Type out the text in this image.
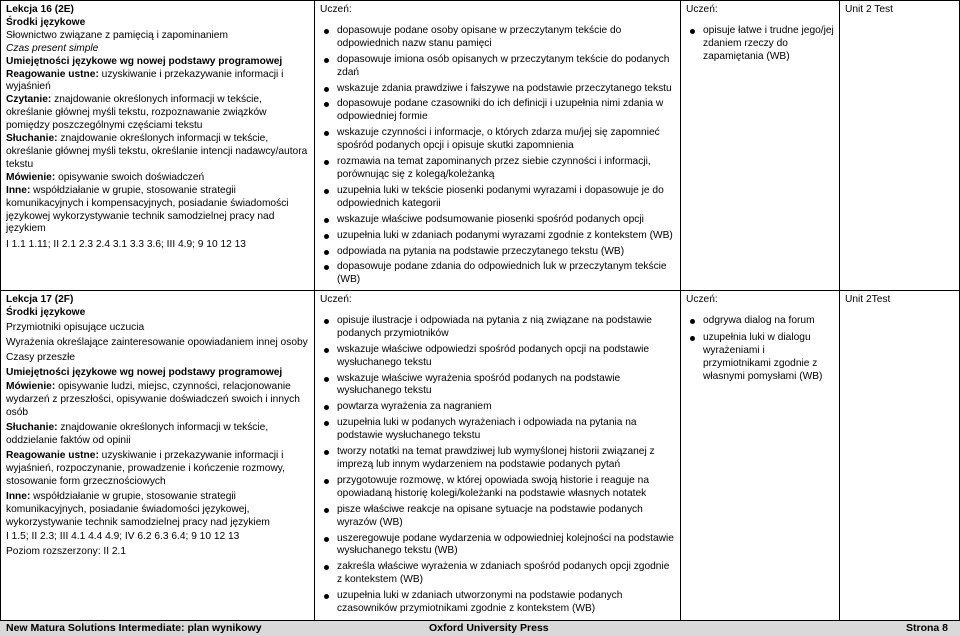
Lekcja 16 (2E)
Środki językowe
Słownictwo związane z pamięcią i zapominaniem
Czas present simple
Umiejętności językowe wg nowej podstawy programowej
Reagowanie ustne: uzyskiwanie i przekazywanie informacji i wyjaśnień
Czytanie: znajdowanie określonych informacji w tekście, określanie głównej myśli tekstu, rozpoznawanie związków pomiędzy poszczególnymi częściami tekstu
Słuchanie: znajdowanie określonych informacji w tekście, określanie głównej myśli tekstu, określanie intencji nadawcy/autora tekstu
Mówienie: opisywanie swoich doświadczeń
Inne: współdziałanie w grupie, stosowanie strategii komunikacyjnych i kompensacyjnych, posiadanie świadomości językowej wykorzystywanie technik samodzielnej pracy nad językiem
I 1.1 1.11; II 2.1 2.3 2.4 3.1 3.3 3.6; III 4.9; 9 10 12 13
Uczeń:
dopasowuje podane osoby opisane w przeczytanym tekście do odpowiednich nazw stanu pamięci
dopasowuje imiona osób opisanych w przeczytanym tekście do podanych zdań
wskazuje zdania prawdziwe i fałszywe na podstawie przeczytanego tekstu
dopasowuje podane czasowniki do ich definicji i uzupełnia nimi zdania w odpowiedniej formie
wskazuje czynności i informacje, o których zdarza mu/jej się zapomnieć spośród podanych opcji i opisuje skutki zapomnienia
rozmawia na temat zapominanych przez siebie czynności i informacji, porównując się z kolegą/koleżanką
uzupełnia luki w tekście piosenki podanymi wyrazami i dopasowuje je do odpowiednich kategorii
wskazuje właściwe podsumowanie piosenki spośród podanych opcji
uzupełnia luki w zdaniach podanymi wyrazami zgodnie z kontekstem (WB)
odpowiada na pytania na podstawie przeczytanego tekstu (WB)
dopasowuje podane zdania do odpowiednich luk w przeczytanym tekście (WB)
Uczeń:
opisuje łatwe i trudne jego/jej zdaniem rzeczy do zapamiętania (WB)
Unit 2 Test
Lekcja 17 (2F)
Środki językowe
Przymiotniki opisujące uczucia
Wyrażenia określające zainteresowanie opowiadaniem innej osoby
Czasy przeszłe
Umiejętności językowe wg nowej podstawy programowej
Mówienie: opisywanie ludzi, miejsc, czynności, relacjonowanie wydarzeń z przeszłości, opisywanie doświadczeń swoich i innych osób
Słuchanie: znajdowanie określonych informacji w tekście, oddzielanie faktów od opinii
Reagowanie ustne: uzyskiwanie i przekazywanie informacji i wyjaśnień, rozpoczynanie, prowadzenie i kończenie rozmowy, stosowanie form grzecznościowych
Inne: współdziałanie w grupie, stosowanie strategii komunikacyjnych, posiadanie świadomości językowej, wykorzystywanie technik samodzielnej pracy nad językiem
I 1.5; II 2.3; III 4.1 4.4 4.9; IV 6.2 6.3 6.4; 9 10 12 13
Poziom rozszerzony: II 2.1
Uczeń:
opisuje ilustracje i odpowiada na pytania z nią związane na podstawie podanych przymiotników
wskazuje właściwe odpowiedzi spośród podanych opcji na podstawie wysłuchanego tekstu
wskazuje właściwe wyrażenia spośród podanych na podstawie wysłuchanego tekstu
powtarza wyrażenia za nagraniem
uzupełnia luki w podanych wyrażeniach i odpowiada na pytania na podstawie wysłuchanego tekstu
tworzy notatki na temat prawdziwej lub wymyślonej historii związanej z imprezą lub innym wydarzeniem na podstawie podanych pytań
przygotowuje rozmowę, w której opowiada swoją historie i reaguje na opowiadaną historię kolegi/koleżanki na podstawie własnych notatek
pisze właściwe reakcje na opisane sytuacje na podstawie podanych wyrazów (WB)
uszeregowuje podane wydarzenia w odpowiedniej kolejności na podstawie wysłuchanego tekstu (WB)
zakreśla właściwe wyrażenia w zdaniach spośród podanych opcji zgodnie z kontekstem (WB)
uzupełnia luki w zdaniach utworzonymi na podstawie podanych czasowników przymiotnikami zgodnie z kontekstem (WB)
Uczeń:
odgrywa dialog na forum
uzupełnia luki w dialogu wyrażeniami i przymiotnikami zgodnie z własnymi pomysłami (WB)
Unit 2Test
New Matura Solutions Intermediate: plan wynikowy	Oxford University Press	Strona 8
